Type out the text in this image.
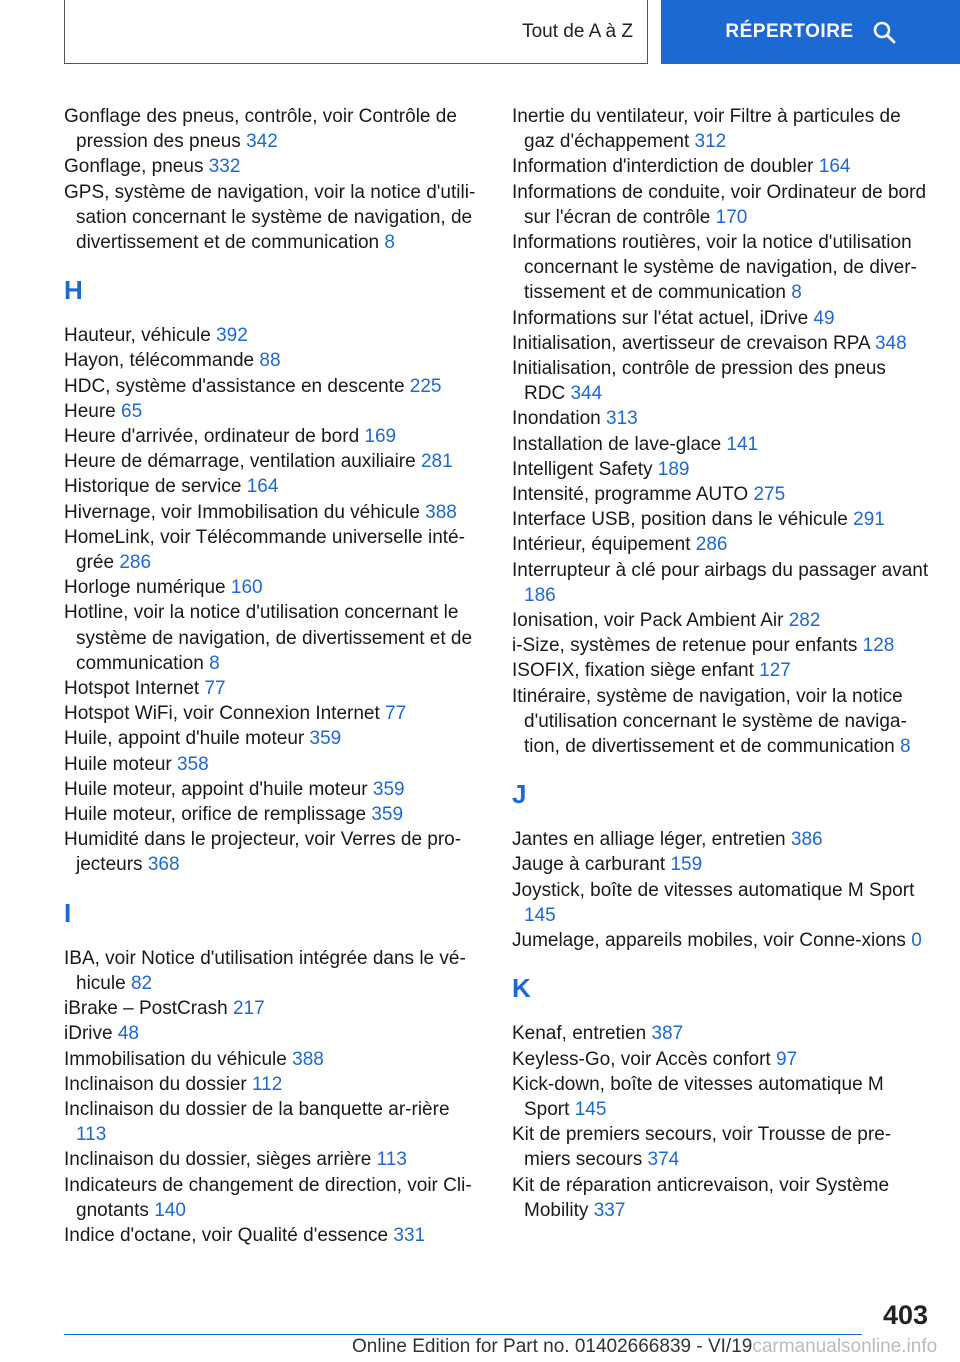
Tout de A à Z	RÉPERTOIRE
Gonflage des pneus, contrôle, voir Contrôle de pression des pneus 342
Gonflage, pneus 332
GPS, système de navigation, voir la notice d'utili-sation concernant le système de navigation, de divertissement et de communication 8
H
Hauteur, véhicule 392
Hayon, télécommande 88
HDC, système d'assistance en descente 225
Heure 65
Heure d'arrivée, ordinateur de bord 169
Heure de démarrage, ventilation auxiliaire 281
Historique de service 164
Hivernage, voir Immobilisation du véhicule 388
HomeLink, voir Télécommande universelle inté-grée 286
Horloge numérique 160
Hotline, voir la notice d'utilisation concernant le système de navigation, de divertissement et de communication 8
Hotspot Internet 77
Hotspot WiFi, voir Connexion Internet 77
Huile, appoint d'huile moteur 359
Huile moteur 358
Huile moteur, appoint d'huile moteur 359
Huile moteur, orifice de remplissage 359
Humidité dans le projecteur, voir Verres de pro-jecteurs 368
I
IBA, voir Notice d'utilisation intégrée dans le vé-hicule 82
iBrake – PostCrash 217
iDrive 48
Immobilisation du véhicule 388
Inclinaison du dossier 112
Inclinaison du dossier de la banquette ar-rière 113
Inclinaison du dossier, sièges arrière 113
Indicateurs de changement de direction, voir Cli-gnotants 140
Indice d'octane, voir Qualité d'essence 331
Inertie du ventilateur, voir Filtre à particules de gaz d'échappement 312
Information d'interdiction de doubler 164
Informations de conduite, voir Ordinateur de bord sur l'écran de contrôle 170
Informations routières, voir la notice d'utilisation concernant le système de navigation, de diver-tissement et de communication 8
Informations sur l'état actuel, iDrive 49
Initialisation, avertisseur de crevaison RPA 348
Initialisation, contrôle de pression des pneus RDC 344
Inondation 313
Installation de lave-glace 141
Intelligent Safety 189
Intensité, programme AUTO 275
Interface USB, position dans le véhicule 291
Intérieur, équipement 286
Interrupteur à clé pour airbags du passager avant 186
Ionisation, voir Pack Ambient Air 282
i-Size, systèmes de retenue pour enfants 128
ISOFIX, fixation siège enfant 127
Itinéraire, système de navigation, voir la notice d'utilisation concernant le système de naviga-tion, de divertissement et de communication 8
J
Jantes en alliage léger, entretien 386
Jauge à carburant 159
Joystick, boîte de vitesses automatique M Sport 145
Jumelage, appareils mobiles, voir Conne-xions 0
K
Kenaf, entretien 387
Keyless-Go, voir Accès confort 97
Kick-down, boîte de vitesses automatique M Sport 145
Kit de premiers secours, voir Trousse de pre-miers secours 374
Kit de réparation anticrevaison, voir Système Mobility 337
403
Online Edition for Part no. 01402666839 - VI/19carmanualsonline.info
